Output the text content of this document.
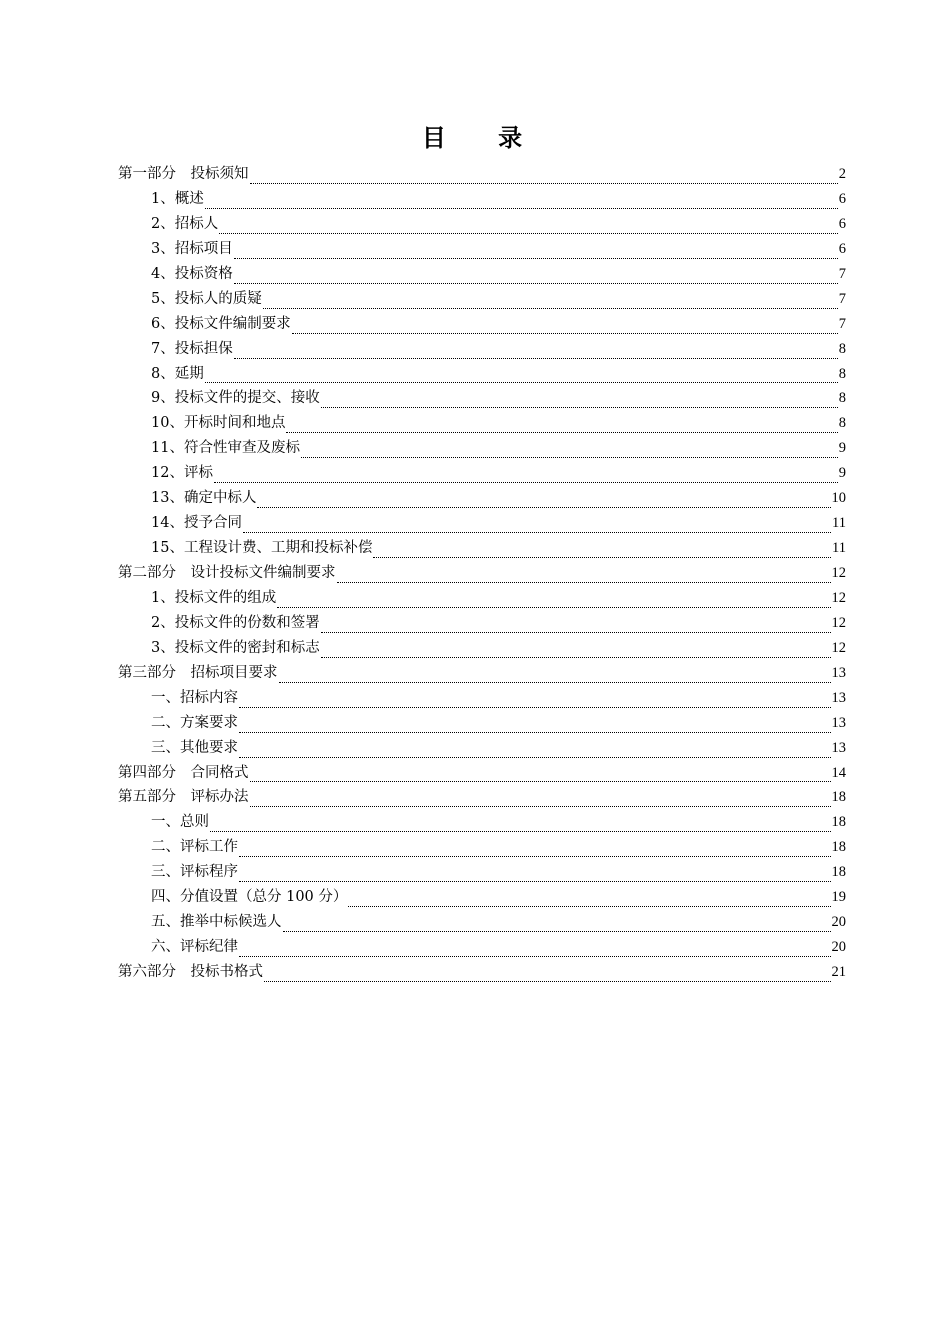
目 录
第一部分　投标须知	2
1、概述	6
2、招标人	6
3、招标项目	6
4、投标资格	7
5、投标人的质疑	7
6、投标文件编制要求	7
7、投标担保	8
8、延期	8
9、投标文件的提交、接收	8
10、开标时间和地点	8
11、符合性审查及废标	9
12、评标	9
13、确定中标人	10
14、授予合同	11
15、工程设计费、工期和投标补偿	11
第二部分　设计投标文件编制要求	12
1、投标文件的组成	12
2、投标文件的份数和签署	12
3、投标文件的密封和标志	12
第三部分　招标项目要求	13
一、招标内容	13
二、方案要求	13
三、其他要求	13
第四部分　合同格式	14
第五部分　评标办法	18
一、总则	18
二、评标工作	18
三、评标程序	18
四、分值设置（总分 100 分）	19
五、推举中标候选人	20
六、评标纪律	20
第六部分　投标书格式	21
